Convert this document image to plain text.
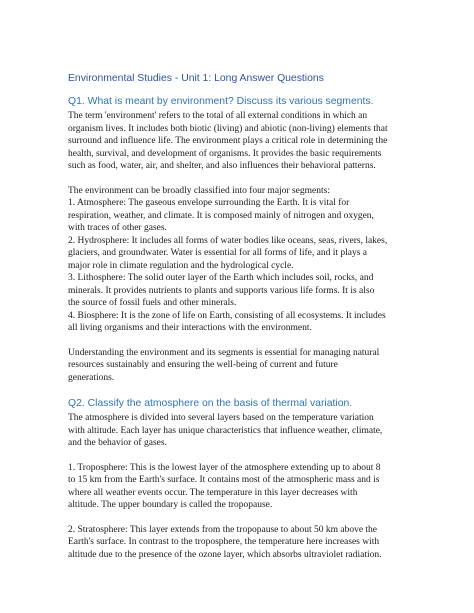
Environmental Studies - Unit 1: Long Answer Questions
Q1. What is meant by environment? Discuss its various segments.
The term 'environment' refers to the total of all external conditions in which an
organism lives. It includes both biotic (living) and abiotic (non-living) elements that
surround and influence life. The environment plays a critical role in determining the
health, survival, and development of organisms. It provides the basic requirements
such as food, water, air, and shelter, and also influences their behavioral patterns.
The environment can be broadly classified into four major segments:
1. Atmosphere: The gaseous envelope surrounding the Earth. It is vital for
respiration, weather, and climate. It is composed mainly of nitrogen and oxygen,
with traces of other gases.
2. Hydrosphere: It includes all forms of water bodies like oceans, seas, rivers, lakes,
glaciers, and groundwater. Water is essential for all forms of life, and it plays a
major role in climate regulation and the hydrological cycle.
3. Lithosphere: The solid outer layer of the Earth which includes soil, rocks, and
minerals. It provides nutrients to plants and supports various life forms. It is also
the source of fossil fuels and other minerals.
4. Biosphere: It is the zone of life on Earth, consisting of all ecosystems. It includes
all living organisms and their interactions with the environment.
Understanding the environment and its segments is essential for managing natural
resources sustainably and ensuring the well-being of current and future
generations.
Q2. Classify the atmosphere on the basis of thermal variation.
The atmosphere is divided into several layers based on the temperature variation
with altitude. Each layer has unique characteristics that influence weather, climate,
and the behavior of gases.
1. Troposphere: This is the lowest layer of the atmosphere extending up to about 8
to 15 km from the Earth's surface. It contains most of the atmospheric mass and is
where all weather events occur. The temperature in this layer decreases with
altitude. The upper boundary is called the tropopause.
2. Stratosphere: This layer extends from the tropopause to about 50 km above the
Earth's surface. In contrast to the troposphere, the temperature here increases with
altitude due to the presence of the ozone layer, which absorbs ultraviolet radiation.
